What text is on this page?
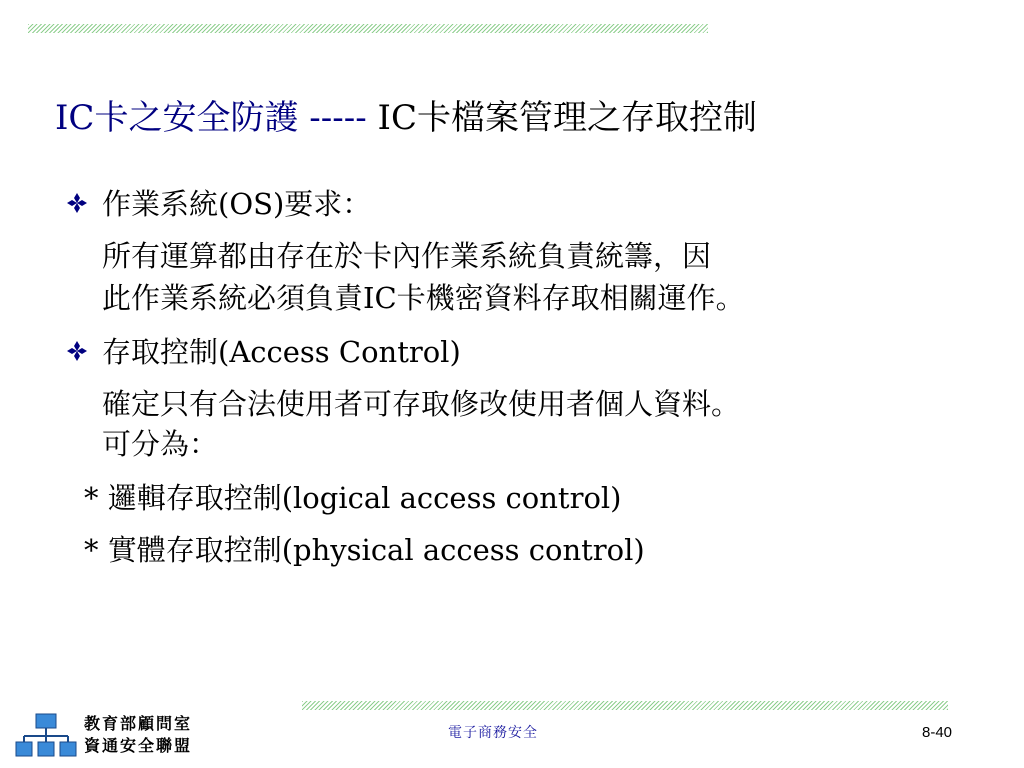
IC卡之安全防護 ----- IC卡檔案管理之存取控制
作業系統(OS)要求：
所有運算都由存在於卡內作業系統負責統籌，因
此作業系統必須負責IC卡機密資料存取相關運作。
存取控制(Access Control)
確定只有合法使用者可存取修改使用者個人資料。
可分為：
* 邏輯存取控制(logical access control)
* 實體存取控制(physical access control)
教育部顧問室
資通安全聯盟
電子商務安全	8-40
